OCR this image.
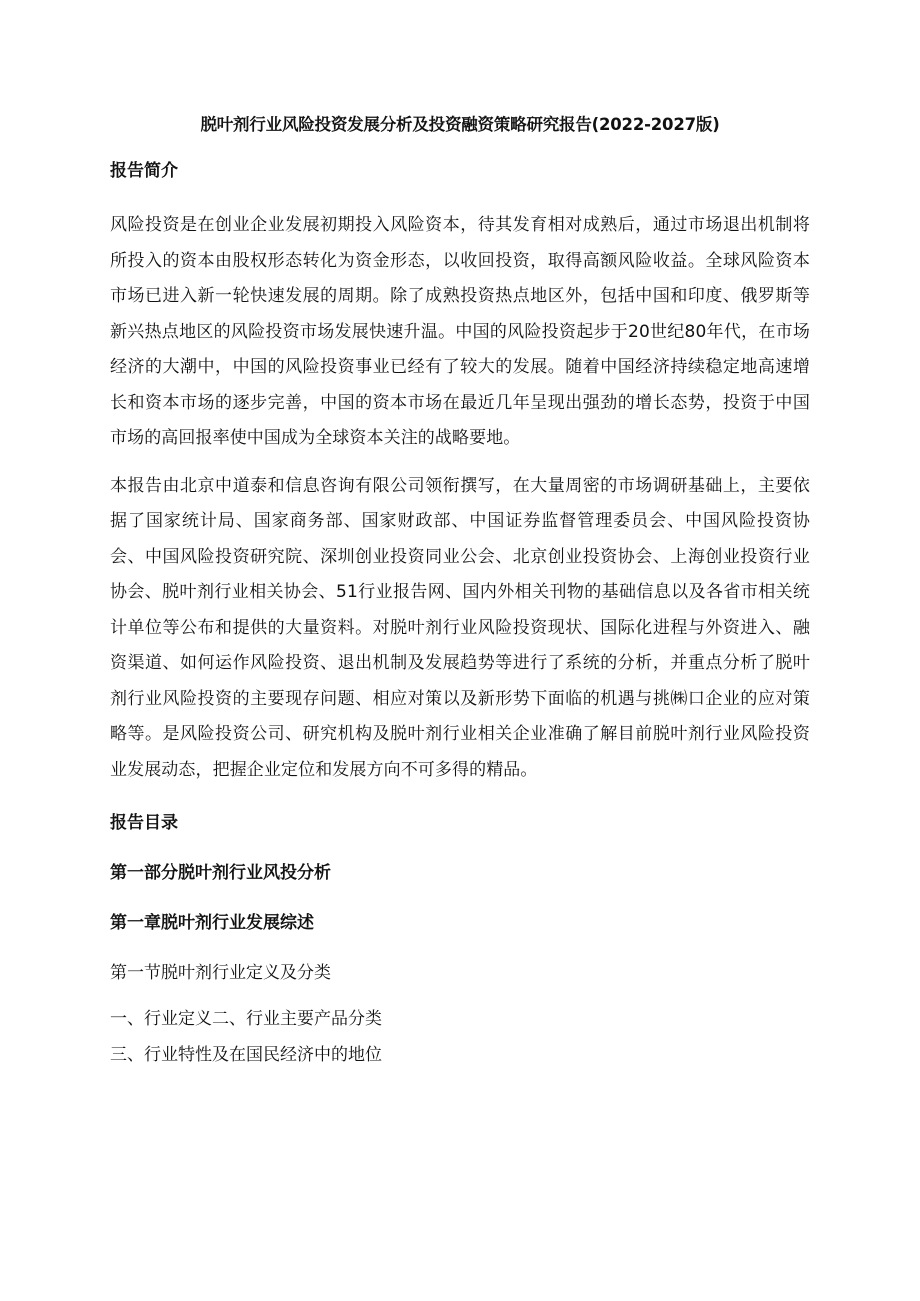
脱叶剂行业风险投资发展分析及投资融资策略研究报告(2022-2027版)
报告简介

风险投资是在创业企业发展初期投入风险资本，待其发育相对成熟后，通过市场退出机制将所投入的资本由股权形态转化为资金形态，以收回投资，取得高额风险收益。全球风险资本市场已进入新一轮快速发展的周期。除了成熟投资热点地区外，包括中国和印度、俄罗斯等新兴热点地区的风险投资市场发展快速升温。中国的风险投资起步于20世纪80年代，在市场经济的大潮中，中国的风险投资事业已经有了较大的发展。随着中国经济持续稳定地高速增长和资本市场的逐步完善，中国的资本市场在最近几年呈现出强劲的增长态势，投资于中国市场的高回报率使中国成为全球资本关注的战略要地。

本报告由北京中道泰和信息咨询有限公司领衔撰写，在大量周密的市场调研基础上，主要依据了国家统计局、国家商务部、国家财政部、中国证券监督管理委员会、中国风险投资协会、中国风险投资研究院、深圳创业投资同业公会、北京创业投资协会、上海创业投资行业协会、脱叶剂行业相关协会、51行业报告网、国内外相关刊物的基础信息以及各省市相关统计单位等公布和提供的大量资料。对脱叶剂行业风险投资现状、国际化进程与外资进入、融资渠道、如何运作风险投资、退出机制及发展趋势等进行了系统的分析，并重点分析了脱叶剂行业风险投资的主要现存问题、相应对策以及新形势下面临的机遇与挑㈱口企业的应对策略等。是风险投资公司、研究机构及脱叶剂行业相关企业准确了解目前脱叶剂行业风险投资业发展动态，把握企业定位和发展方向不可多得的精品。

报告目录
第一部分脱叶剂行业风投分析
第一章脱叶剂行业发展综述
第一节脱叶剂行业定义及分类
一、行业定义二、行业主要产品分类
三、行业特性及在国民经济中的地位
